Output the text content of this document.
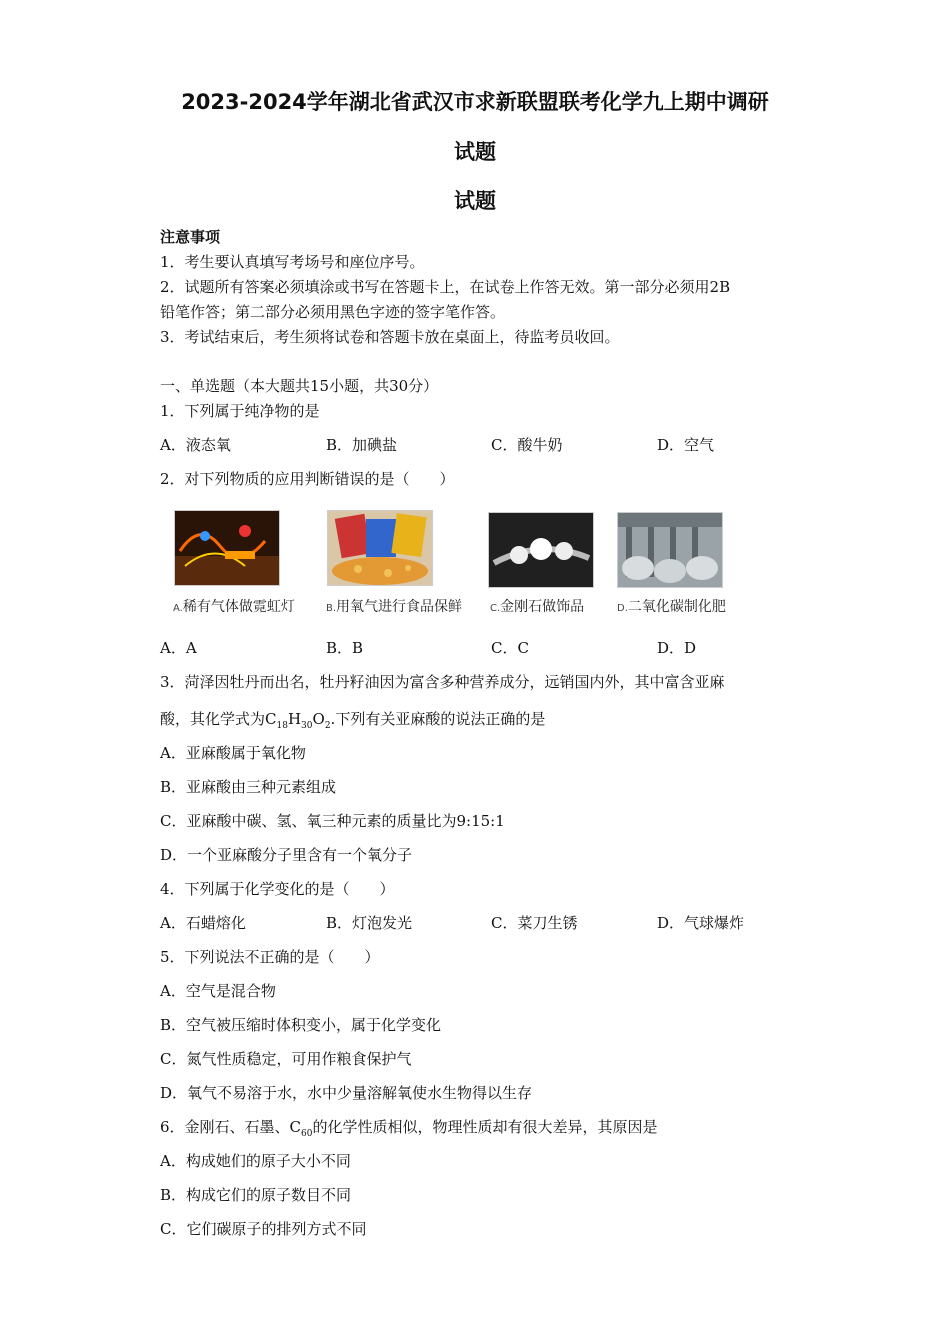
2023-2024学年湖北省武汉市求新联盟联考化学九上期中调研
试题
试题
注意事项
1．考生要认真填写考场号和座位序号。
2．试题所有答案必须填涂或书写在答题卡上，在试卷上作答无效。第一部分必须用2B
铅笔作答；第二部分必须用黑色字迹的签字笔作答。
3．考试结束后，考生须将试卷和答题卡放在桌面上，待监考员收回。
一、单选题（本大题共15小题，共30分）
1．下列属于纯净物的是
A．液态氧	B．加碘盐	C．酸牛奶	D．空气
2．对下列物质的应用判断错误的是（　　）
A.稀有气体做霓虹灯	B.用氧气进行食品保鲜	C.金刚石做饰品	D.二氧化碳制化肥
A．A	B．B	C．C	D．D
3．菏泽因牡丹而出名，牡丹籽油因为富含多种营养成分，远销国内外，其中富含亚麻
酸，其化学式为$C_{18}H_{30}O_2$.下列有关亚麻酸的说法正确的是
A．亚麻酸属于氧化物
B．亚麻酸由三种元素组成
C．亚麻酸中碳、氢、氧三种元素的质量比为9:15:1
D．一个亚麻酸分子里含有一个氧分子
4．下列属于化学变化的是（　　）
A．石蜡熔化	B．灯泡发光	C．菜刀生锈	D．气球爆炸
5．下列说法不正确的是（　　）
A．空气是混合物
B．空气被压缩时体积变小，属于化学变化
C．氮气性质稳定，可用作粮食保护气
D．氧气不易溶于水，水中少量溶解氧使水生物得以生存
6．金刚石、石墨、$C_{60}$的化学性质相似，物理性质却有很大差异，其原因是
A．构成她们的原子大小不同
B．构成它们的原子数目不同
C．它们碳原子的排列方式不同
